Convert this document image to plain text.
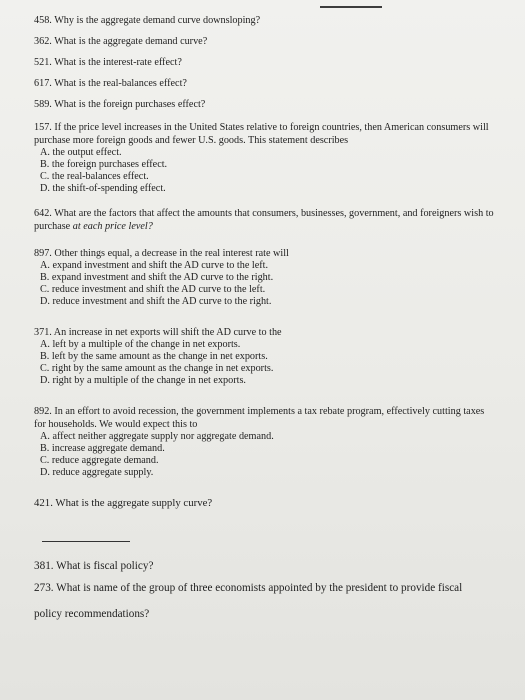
458. Why is the aggregate demand curve downsloping?
362. What is the aggregate demand curve?
521. What is the interest-rate effect?
617. What is the real-balances effect?
589. What is the foreign purchases effect?
157. If the price level increases in the United States relative to foreign countries, then American consumers will purchase more foreign goods and fewer U.S. goods. This statement describes
A. the output effect.
B. the foreign purchases effect.
C. the real-balances effect.
D. the shift-of-spending effect.
642. What are the factors that affect the amounts that consumers, businesses, government, and foreigners wish to purchase at each price level?
897. Other things equal, a decrease in the real interest rate will
A. expand investment and shift the AD curve to the left.
B. expand investment and shift the AD curve to the right.
C. reduce investment and shift the AD curve to the left.
D. reduce investment and shift the AD curve to the right.
371. An increase in net exports will shift the AD curve to the
A. left by a multiple of the change in net exports.
B. left by the same amount as the change in net exports.
C. right by the same amount as the change in net exports.
D. right by a multiple of the change in net exports.
892. In an effort to avoid recession, the government implements a tax rebate program, effectively cutting taxes for households. We would expect this to
A. affect neither aggregate supply nor aggregate demand.
B. increase aggregate demand.
C. reduce aggregate demand.
D. reduce aggregate supply.
421. What is the aggregate supply curve?
381. What is fiscal policy?
273. What is name of the group of three economists appointed by the president to provide fiscal
policy recommendations?
